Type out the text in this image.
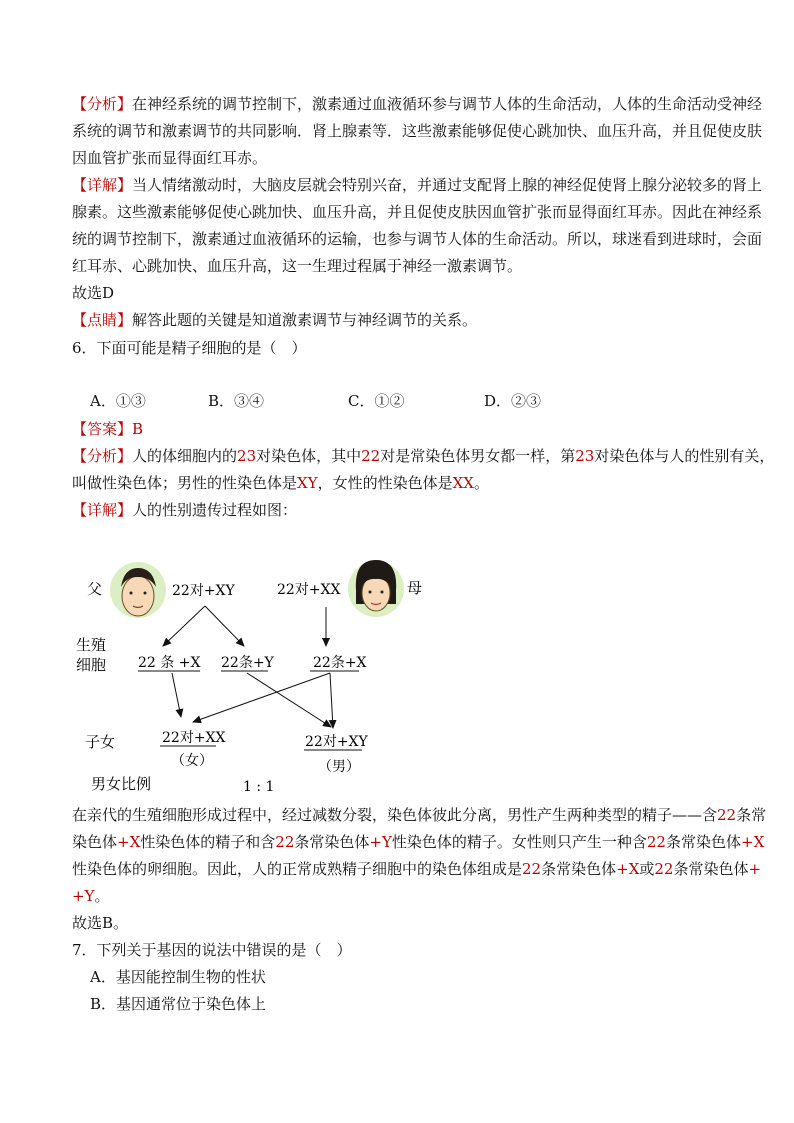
【分析】在神经系统的调节控制下，激素通过血液循环参与调节人体的生命活动，人体的生命活动受神经
系统的调节和激素调节的共同影响．肾上腺素等．这些激素能够促使心跳加快、血压升高，并且促使皮肤
因血管扩张而显得面红耳赤。
【详解】当人情绪激动时，大脑皮层就会特别兴奋，并通过支配肾上腺的神经促使肾上腺分泌较多的肾上
腺素。这些激素能够促使心跳加快、血压升高，并且促使皮肤因血管扩张而显得面红耳赤。因此在神经系
统的调节控制下，激素通过血液循环的运输，也参与调节人体的生命活动。所以，球迷看到进球时，会面
红耳赤、心跳加快、血压升高，这一生理过程属于神经一激素调节。
故选D
【点睛】解答此题的关键是知道激素调节与神经调节的关系。
6．下面可能是精子细胞的是（　）
A．①③	B．③④	C．①②	D．②③
【答案】B
【分析】人的体细胞内的23对染色体，其中22对是常染色体男女都一样，第23对染色体与人的性别有关，
叫做性染色体；男性的性染色体是XY，女性的性染色体是XX。
【详解】人的性别遗传过程如图：
父	母
22对+XY	22对+XX
生殖
细胞 22 条 +X 22条+Y	22条+X
子女	22对+XX
（女）
22对+XY
（男）
男女比例	1 : 1
在亲代的生殖细胞形成过程中，经过减数分裂，染色体彼此分离，男性产生两种类型的精子——含22条常
染色体+X性染色体的精子和含22条常染色体+Y性染色体的精子。女性则只产生一种含22条常染色体+X
性染色体的卵细胞。因此，人的正常成熟精子细胞中的染色体组成是22条常染色体+X或22条常染色体+
+Y。
故选B。
7．下列关于基因的说法中错误的是（　）
A．基因能控制生物的性状
B．基因通常位于染色体上
